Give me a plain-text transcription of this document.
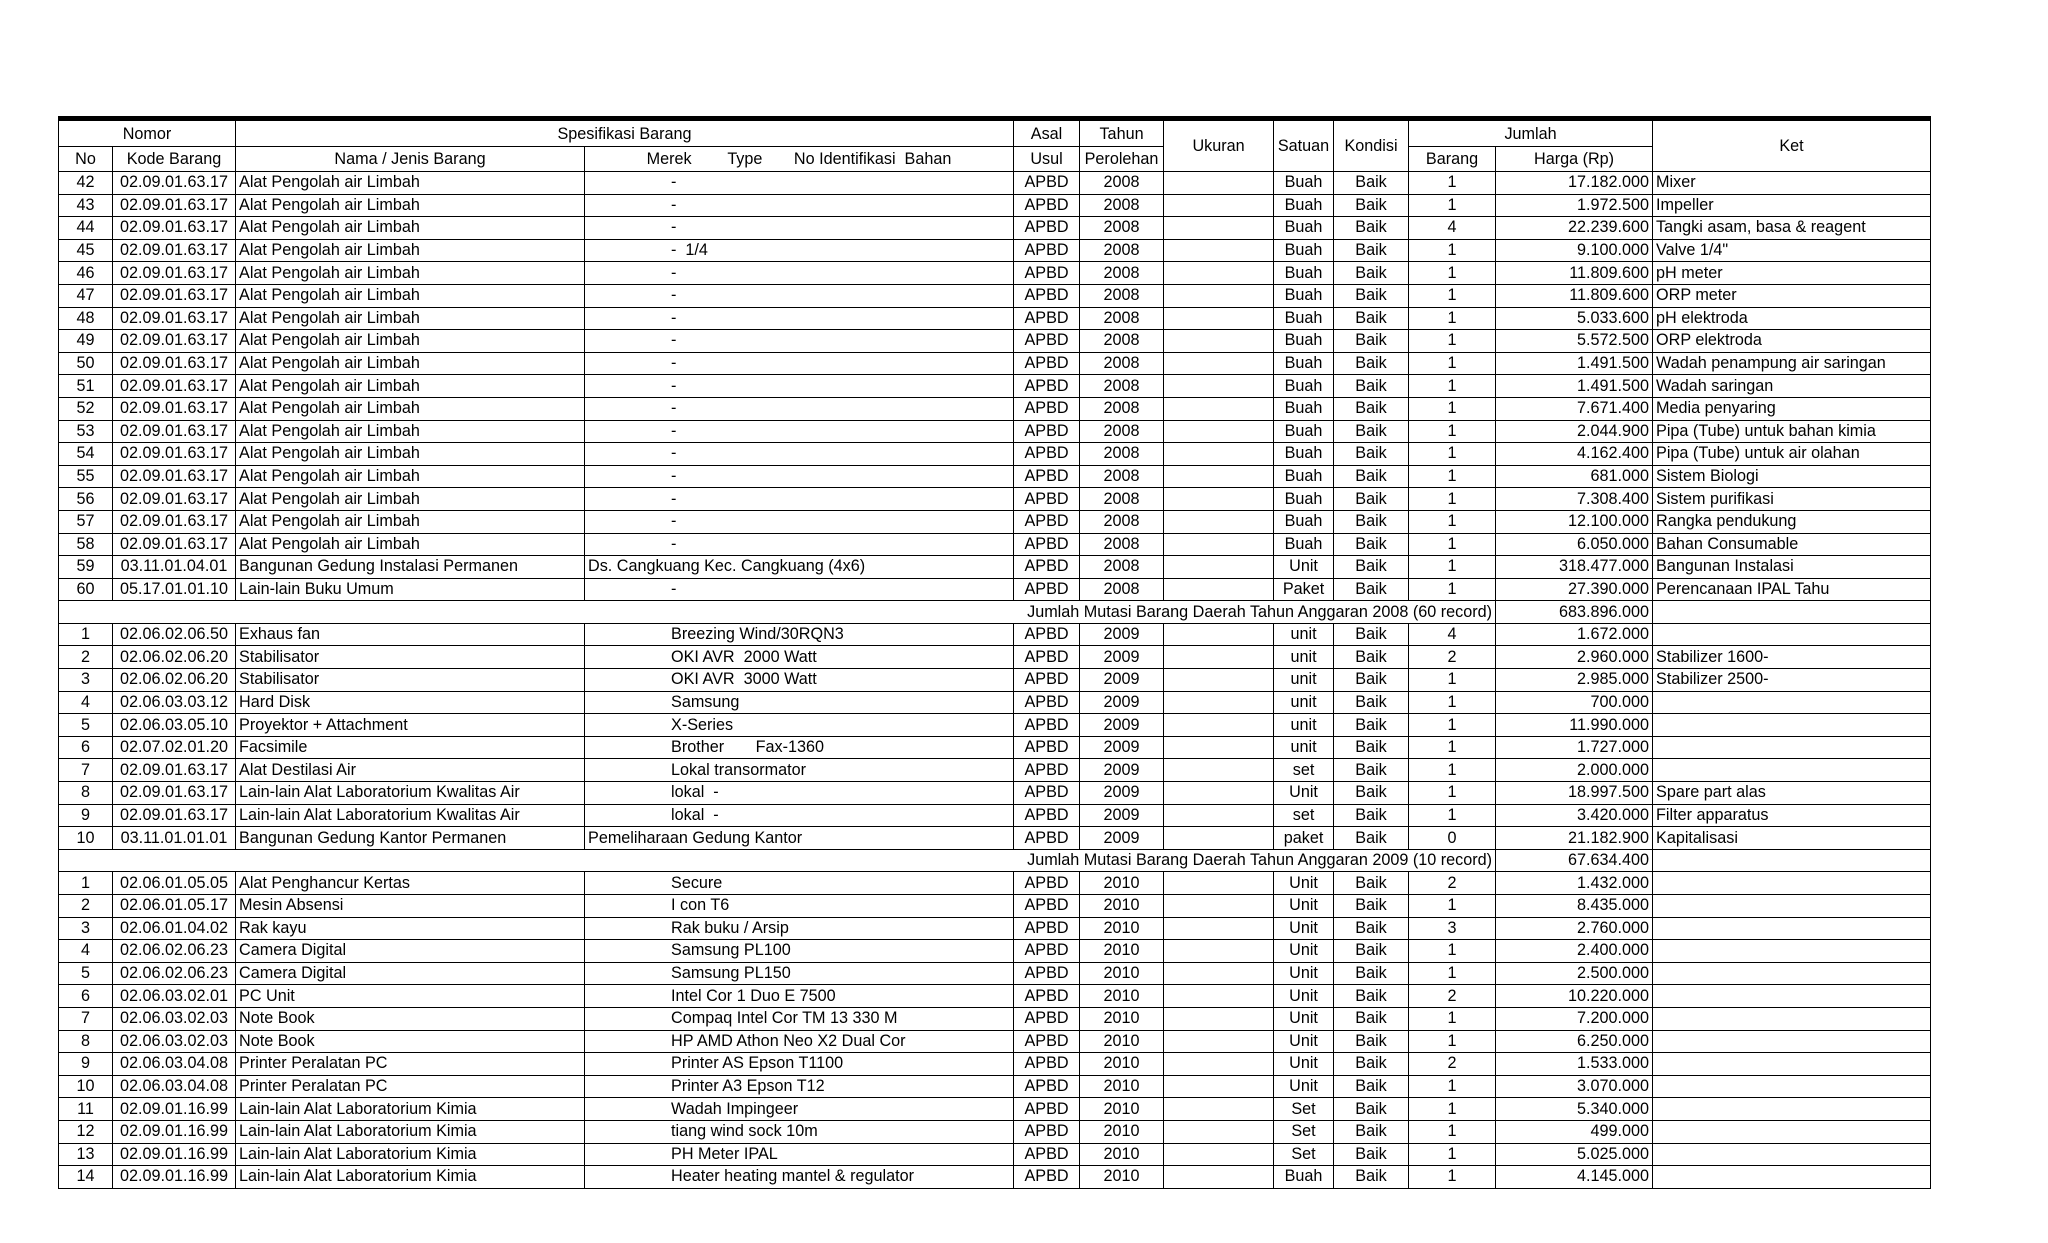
Nomor		Spesifikasi Barang		Asal	Tahun	Ukuran	Satuan	Kondisi	Jumlah		Ket
No	Kode Barang	Nama / Jenis Barang	Merek        Type       No Identifikasi  Bahan	Usul	Perolehan				Barang	Harga (Rp)	
42	02.09.01.63.17	Alat Pengolah air Limbah	-	APBD	2008		Buah	Baik	1	17.182.000	Mixer
43	02.09.01.63.17	Alat Pengolah air Limbah	-	APBD	2008		Buah	Baik	1	1.972.500	Impeller
44	02.09.01.63.17	Alat Pengolah air Limbah	-	APBD	2008		Buah	Baik	4	22.239.600	Tangki asam, basa & reagent
45	02.09.01.63.17	Alat Pengolah air Limbah	-  1/4	APBD	2008		Buah	Baik	1	9.100.000	Valve 1/4"
46	02.09.01.63.17	Alat Pengolah air Limbah	-	APBD	2008		Buah	Baik	1	11.809.600	pH meter
47	02.09.01.63.17	Alat Pengolah air Limbah	-	APBD	2008		Buah	Baik	1	11.809.600	ORP meter
48	02.09.01.63.17	Alat Pengolah air Limbah	-	APBD	2008		Buah	Baik	1	5.033.600	pH elektroda
49	02.09.01.63.17	Alat Pengolah air Limbah	-	APBD	2008		Buah	Baik	1	5.572.500	ORP elektroda
50	02.09.01.63.17	Alat Pengolah air Limbah	-	APBD	2008		Buah	Baik	1	1.491.500	Wadah penampung air saringan
51	02.09.01.63.17	Alat Pengolah air Limbah	-	APBD	2008		Buah	Baik	1	1.491.500	Wadah saringan
52	02.09.01.63.17	Alat Pengolah air Limbah	-	APBD	2008		Buah	Baik	1	7.671.400	Media penyaring
53	02.09.01.63.17	Alat Pengolah air Limbah	-	APBD	2008		Buah	Baik	1	2.044.900	Pipa (Tube) untuk bahan kimia
54	02.09.01.63.17	Alat Pengolah air Limbah	-	APBD	2008		Buah	Baik	1	4.162.400	Pipa (Tube) untuk air olahan
55	02.09.01.63.17	Alat Pengolah air Limbah	-	APBD	2008		Buah	Baik	1	681.000	Sistem Biologi
56	02.09.01.63.17	Alat Pengolah air Limbah	-	APBD	2008		Buah	Baik	1	7.308.400	Sistem purifikasi
57	02.09.01.63.17	Alat Pengolah air Limbah	-	APBD	2008		Buah	Baik	1	12.100.000	Rangka pendukung
58	02.09.01.63.17	Alat Pengolah air Limbah	-	APBD	2008		Buah	Baik	1	6.050.000	Bahan Consumable
59	03.11.01.04.01	Bangunan Gedung Instalasi Permanen	Ds. Cangkuang Kec. Cangkuang (4x6)	APBD	2008		Unit	Baik	1	318.477.000	Bangunan Instalasi
60	05.17.01.01.10	Lain-lain Buku Umum	-	APBD	2008		Paket	Baik	1	27.390.000	Perencanaan IPAL Tahu
Jumlah Mutasi Barang Daerah Tahun Anggaran 2008 (60 record)										683.896.000	
1	02.06.02.06.50	Exhaus fan	Breezing Wind/30RQN3	APBD	2009		unit	Baik	4	1.672.000	
2	02.06.02.06.20	Stabilisator	OKI AVR  2000 Watt	APBD	2009		unit	Baik	2	2.960.000	Stabilizer 1600-
3	02.06.02.06.20	Stabilisator	OKI AVR  3000 Watt	APBD	2009		unit	Baik	1	2.985.000	Stabilizer 2500-
4	02.06.03.03.12	Hard Disk	Samsung	APBD	2009		unit	Baik	1	700.000	
5	02.06.03.05.10	Proyektor + Attachment	X-Series	APBD	2009		unit	Baik	1	11.990.000	
6	02.07.02.01.20	Facsimile	Brother       Fax-1360	APBD	2009		unit	Baik	1	1.727.000	
7	02.09.01.63.17	Alat Destilasi Air	Lokal transormator	APBD	2009		set	Baik	1	2.000.000	
8	02.09.01.63.17	Lain-lain Alat Laboratorium Kwalitas Air	lokal  -	APBD	2009		Unit	Baik	1	18.997.500	Spare part alas
9	02.09.01.63.17	Lain-lain Alat Laboratorium Kwalitas Air	lokal  -	APBD	2009		set	Baik	1	3.420.000	Filter apparatus
10	03.11.01.01.01	Bangunan Gedung Kantor Permanen	Pemeliharaan Gedung Kantor	APBD	2009		paket	Baik	0	21.182.900	Kapitalisasi
Jumlah Mutasi Barang Daerah Tahun Anggaran 2009 (10 record)										67.634.400	
1	02.06.01.05.05	Alat Penghancur Kertas	Secure	APBD	2010		Unit	Baik	2	1.432.000	
2	02.06.01.05.17	Mesin Absensi	I con T6	APBD	2010		Unit	Baik	1	8.435.000	
3	02.06.01.04.02	Rak kayu	Rak buku / Arsip	APBD	2010		Unit	Baik	3	2.760.000	
4	02.06.02.06.23	Camera Digital	Samsung PL100	APBD	2010		Unit	Baik	1	2.400.000	
5	02.06.02.06.23	Camera Digital	Samsung PL150	APBD	2010		Unit	Baik	1	2.500.000	
6	02.06.03.02.01	PC Unit	Intel Cor 1 Duo E 7500	APBD	2010		Unit	Baik	2	10.220.000	
7	02.06.03.02.03	Note Book	Compaq Intel Cor TM 13 330 M	APBD	2010		Unit	Baik	1	7.200.000	
8	02.06.03.02.03	Note Book	HP AMD Athon Neo X2 Dual Cor	APBD	2010		Unit	Baik	1	6.250.000	
9	02.06.03.04.08	Printer Peralatan PC	Printer AS Epson T1100	APBD	2010		Unit	Baik	2	1.533.000	
10	02.06.03.04.08	Printer Peralatan PC	Printer A3 Epson T12	APBD	2010		Unit	Baik	1	3.070.000	
11	02.09.01.16.99	Lain-lain Alat Laboratorium Kimia	Wadah Impingeer	APBD	2010		Set	Baik	1	5.340.000	
12	02.09.01.16.99	Lain-lain Alat Laboratorium Kimia	tiang wind sock 10m	APBD	2010		Set	Baik	1	499.000	
13	02.09.01.16.99	Lain-lain Alat Laboratorium Kimia	PH Meter IPAL	APBD	2010		Set	Baik	1	5.025.000	
14	02.09.01.16.99	Lain-lain Alat Laboratorium Kimia	Heater heating mantel & regulator	APBD	2010		Buah	Baik	1	4.145.000	
